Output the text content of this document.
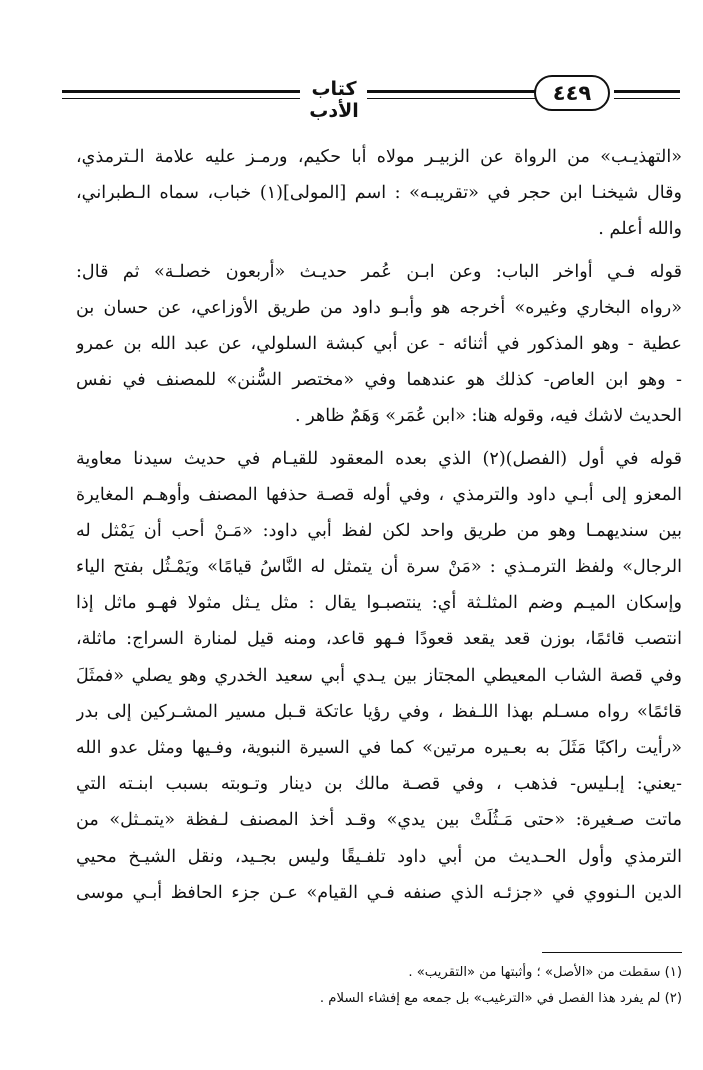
كتاب الأدب
٤٤٩
«التهذيـب» من الرواة عن الزبيـر مولاه أبا حكيم، ورمـز عليه علامة الـترمذي،
وقال شيخنـا ابن حجر في «تقريبـه» : اسم [المولى](١) خباب، سماه الـطبراني،
والله أعلم .
قوله فـي أواخر الباب: وعن ابـن عُمر حديـث «أربعون خصلـة» ثم قال:
«رواه البخاري وغيره» أخرجه هو وأبـو داود من طريق الأوزاعي، عن حسان بن
عطية - وهو المذكور في أثنائه - عن أبي كبشة السلولي، عن عبد الله بن عمرو
- وهو ابن العاص- كذلك هو عندهما وفي «مختصر السُّنن» للمصنف في نفس
الحديث لاشك فيه، وقوله هنا: «ابن عُمَر» وَهَمٌ ظاهر .
قوله في أول (الفصل)(٢) الذي بعده المعقود للقيـام في حديث سيدنا معاوية
المعزو إلى أبـي داود والترمذي ، وفي أوله قصـة حذفها المصنف وأوهـم المغايرة
بين سنديهمـا وهو من طريق واحد لكن لفظ أبي داود: «مَـنْ أحب أن يَمْثل له
الرجال» ولفظ الترمـذي : «مَنْ سرة أن يتمثل له النَّاسُ قيامًا» ويَمْـثُل بفتح الياء
وإسكان الميـم وضم المثلـثة أي: ينتصبـوا يقال : مثل يـثل مثولا فهـو ماثل إذا
انتصب قائمًا، بوزن قعد يقعد قعودًا فـهو قاعد، ومنه قيل لمنارة السراج: ماثلة،
وفي قصة الشاب المعيطي المجتاز بين يـدي أبي سعيد الخدري وهو يصلي «فمثَلَ
قائمًا» رواه مسـلم بهذا اللـفظ ، وفي رؤيا عاتكة قـبل مسير المشـركين إلى بدر
«رأيت راكبًا مَثَلَ به بعـيره مرتين» كما في السيرة النبوية، وفـيها ومثل عدو الله
-يعني: إبـليس- فذهب ، وفي قصـة مالك بن دينار وتـوبته بسبب ابنـته التي
ماتت صـغيرة: «حتى مَـثُلَتْ بين يدي» وقـد أخذ المصنف لـفظة «يتمـثل» من
الترمذي وأول الحـديث من أبي داود تلفـيقًا وليس بجـيد، ونقل الشيـخ محيي
الدين الـنووي في «جزئـه الذي صنفه فـي القيام» عـن جزء الحافظ أبـي موسى
(١) سقطت من «الأصل» ؛ وأثبتها من «التقريب» .
(٢) لم يفرد هذا الفصل في «الترغيب» بل جمعه مع إفشاء السلام .
